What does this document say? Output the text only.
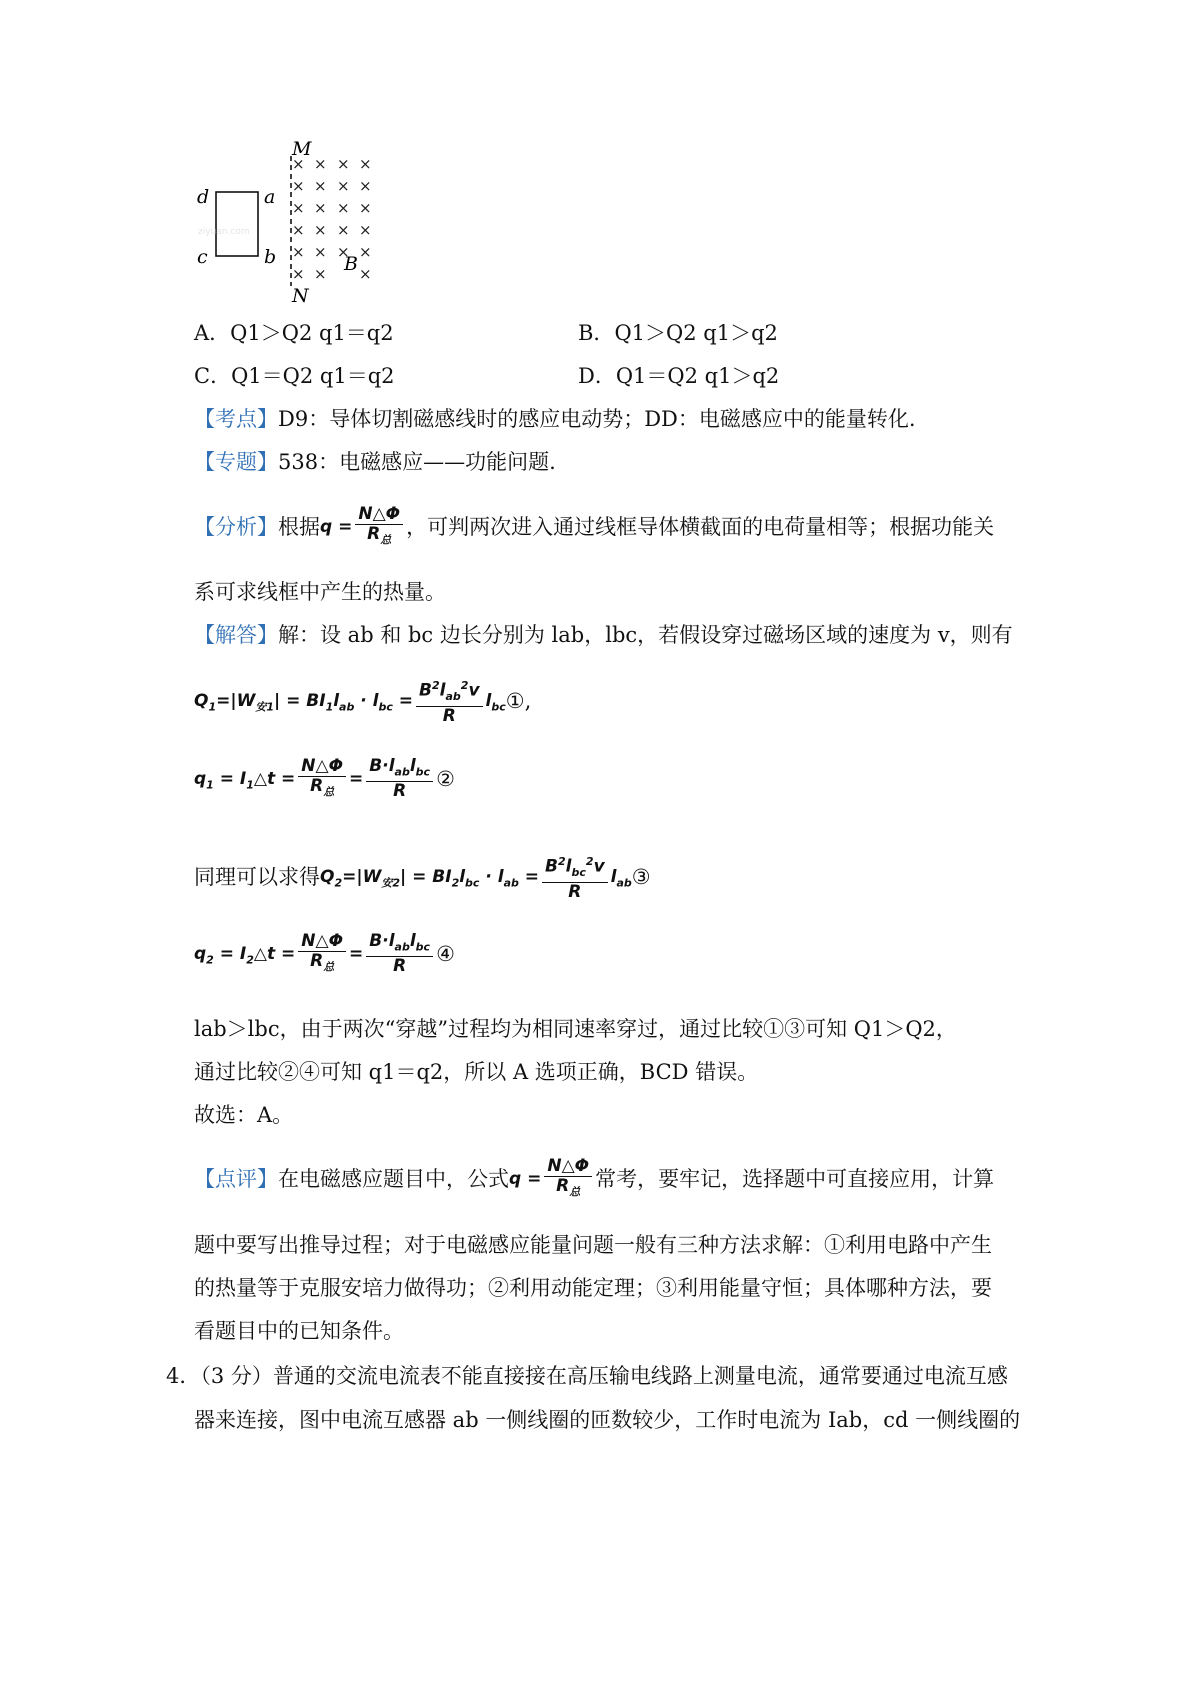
× × × ×
× × × ×
× × × ×
× × × ×
× × × ×
× × ×
M
N
d	a
c	b	B
ziyuan.com
A．Q1＞Q2 q1＝q2	B．Q1＞Q2 q1＞q2
C．Q1＝Q2 q1＝q2	D．Q1＝Q2 q1＞q2
【考点】D9：导体切割磁感线时的感应电动势；DD：电磁感应中的能量转化.
【专题】538：电磁感应——功能问题.
【分析】 根据 $q = \frac{N\triangle\Phi}{R_总}$ ，可判两次进入通过线框导体横截面的电荷量相等；根据功能关
系可求线框中产生的热量。
【解答】解：设 ab 和 bc 边长分别为 lab，lbc，若假设穿过磁场区域的速度为 v，则有
$Q_1=|W_{安1}| = BI_1l_{ab} \cdot l_{bc} = \frac{B^2l_{ab}^2v}{R} l_{bc}$ ①,
$q_1$ = $I_1\triangle t = \frac{N\triangle\Phi}{R_总} = \frac{B\cdot l_{ab}l_{bc}}{R}$ ②
同理可以求得 $Q_2=|W_{安2}| = BI_2l_{bc} \cdot l_{ab} = \frac{B^2l_{bc}^2v}{R} l_{ab}$ ③
$q_2$ = $I_2\triangle t = \frac{N\triangle\Phi}{R_总} = \frac{B\cdot l_{ab}l_{bc}}{R}$ ④
lab＞lbc，由于两次“穿越”过程均为相同速率穿过，通过比较①③可知 Q1＞Q2，
通过比较②④可知 q1＝q2，所以 A 选项正确，BCD 错误。
故选：A。
【点评】 在电磁感应题目中，公式 $q = \frac{N\triangle\Phi}{R_总}$ 常考，要牢记，选择题中可直接应用，计算
题中要写出推导过程；对于电磁感应能量问题一般有三种方法求解：①利用电路中产生
的热量等于克服安培力做得功；②利用动能定理；③利用能量守恒；具体哪种方法，要
看题目中的已知条件。
4．（3 分）普通的交流电流表不能直接接在高压输电线路上测量电流，通常要通过电流互感
器来连接，图中电流互感器 ab 一侧线圈的匝数较少，工作时电流为 Iab，cd 一侧线圈的
